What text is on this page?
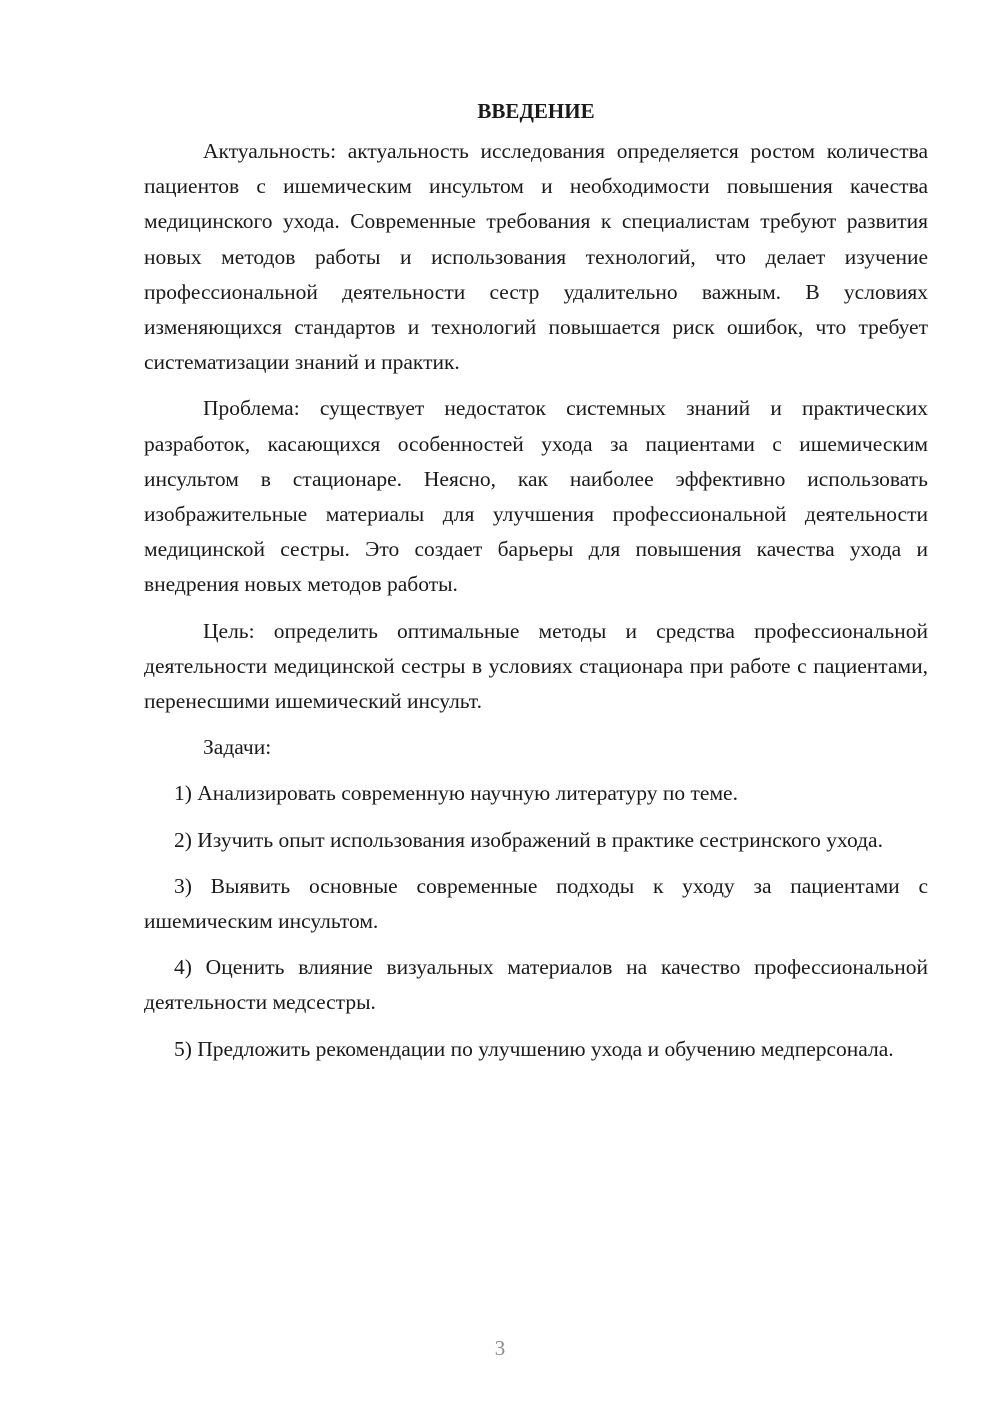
ВВЕДЕНИЕ

Актуальность: актуальность исследования определяется ростом количества пациентов с ишемическим инсультом и необходимости повышения качества медицинского ухода. Современные требования к специалистам требуют развития новых методов работы и использования технологий, что делает изучение профессиональной деятельности сестр удалительно важным. В условиях изменяющихся стандартов и технологий повышается риск ошибок, что требует систематизации знаний и практик.

Проблема: существует недостаток системных знаний и практических разработок, касающихся особенностей ухода за пациентами с ишемическим инсультом в стационаре. Неясно, как наиболее эффективно использовать изображительные материалы для улучшения профессиональной деятельности медицинской сестры. Это создает барьеры для повышения качества ухода и внедрения новых методов работы.

Цель: определить оптимальные методы и средства профессиональной деятельности медицинской сестры в условиях стационара при работе с пациентами, перенесшими ишемический инсульт.

Задачи:

1) Анализировать современную научную литературу по теме.

2) Изучить опыт использования изображений в практике сестринского ухода.

3) Выявить основные современные подходы к уходу за пациентами с ишемическим инсультом.

4) Оценить влияние визуальных материалов на качество профессиональной деятельности медсестры.

5) Предложить рекомендации по улучшению ухода и обучению медперсонала.

3
